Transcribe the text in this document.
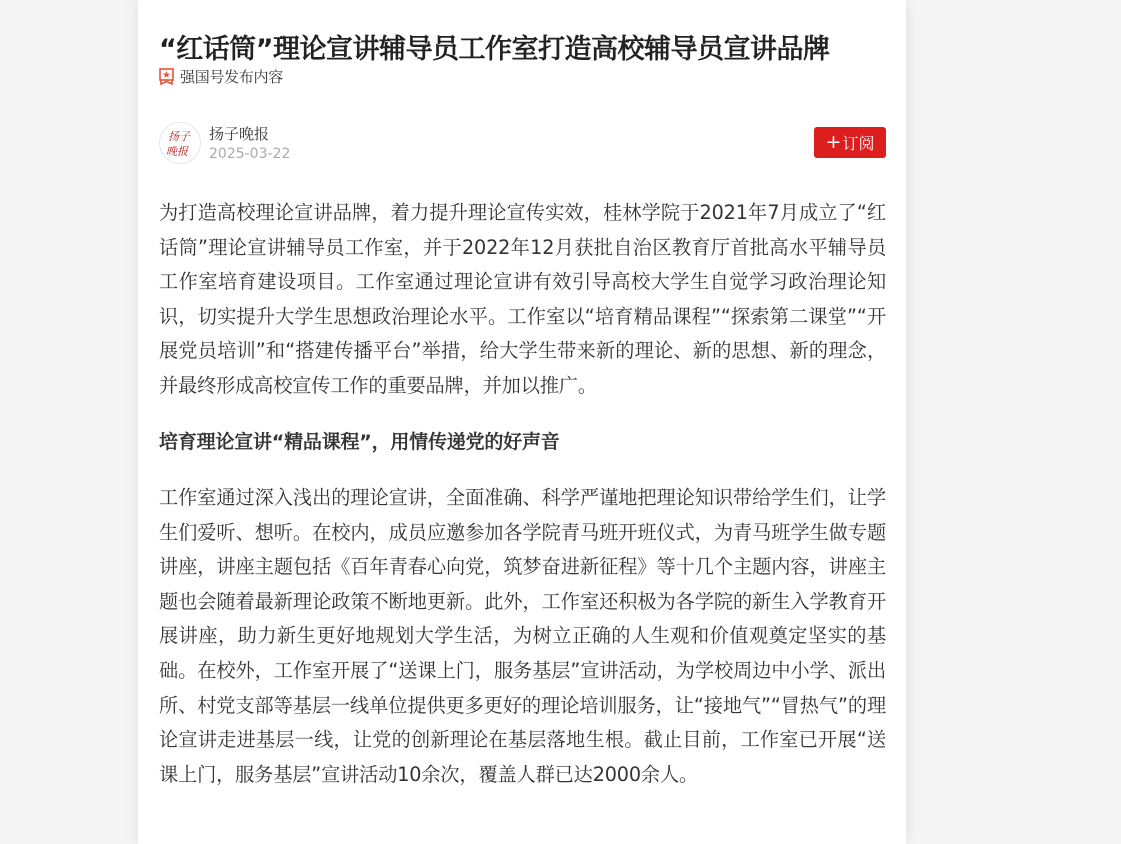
“红话筒”理论宣讲辅导员工作室打造高校辅导员宣讲品牌
强国号发布内容
扬子
晚报
扬子晚报
2025-03-22
+ 订阅

为打造高校理论宣讲品牌，着力提升理论宣传实效，桂林学院于2021年7月成立了“红话筒”理论宣讲辅导员工作室，并于2022年12月获批自治区教育厅首批高水平辅导员工作室培育建设项目。工作室通过理论宣讲有效引导高校大学生自觉学习政治理论知识，切实提升大学生思想政治理论水平。工作室以“培育精品课程”“探索第二课堂”“开展党员培训”和“搭建传播平台”举措，给大学生带来新的理论、新的思想、新的理念，并最终形成高校宣传工作的重要品牌，并加以推广。

培育理论宣讲“精品课程”，用情传递党的好声音

工作室通过深入浅出的理论宣讲，全面准确、科学严谨地把理论知识带给学生们，让学生们爱听、想听。在校内，成员应邀参加各学院青马班开班仪式，为青马班学生做专题讲座，讲座主题包括《百年青春心向党，筑梦奋进新征程》等十几个主题内容，讲座主题也会随着最新理论政策不断地更新。此外，工作室还积极为各学院的新生入学教育开展讲座，助力新生更好地规划大学生活，为树立正确的人生观和价值观奠定坚实的基础。在校外，工作室开展了“送课上门，服务基层”宣讲活动，为学校周边中小学、派出所、村党支部等基层一线单位提供更多更好的理论培训服务，让“接地气”“冒热气”的理论宣讲走进基层一线，让党的创新理论在基层落地生根。截止目前，工作室已开展“送课上门，服务基层”宣讲活动10余次，覆盖人群已达2000余人。
